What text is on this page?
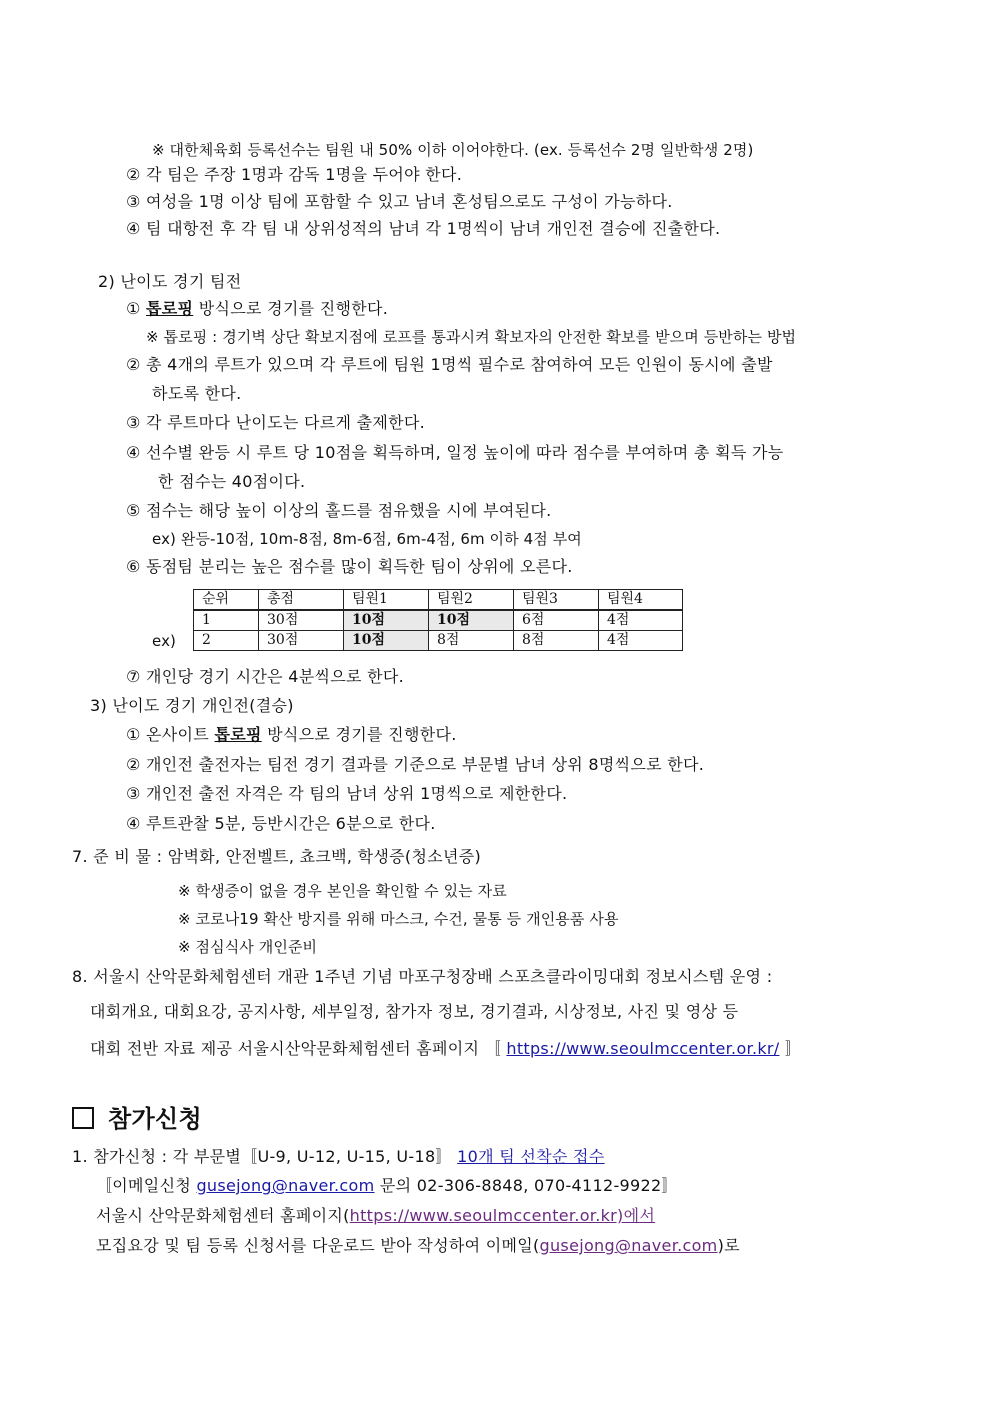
※ 대한체육회 등록선수는 팀원 내 50% 이하 이어야한다. (ex. 등록선수 2명 일반학생 2명)
② 각 팀은 주장 1명과 감독 1명을 두어야 한다.
③ 여성을 1명 이상 팀에 포함할 수 있고 남녀 혼성팀으로도 구성이 가능하다.
④ 팀 대항전 후 각 팀 내 상위성적의 남녀 각 1명씩이 남녀 개인전 결승에 진출한다.
2) 난이도 경기 팀전
① 톱로핑 방식으로 경기를 진행한다.
※ 톱로핑 : 경기벽 상단 확보지점에 로프를 통과시켜 확보자의 안전한 확보를 받으며 등반하는 방법
② 총 4개의 루트가 있으며 각 루트에 팀원 1명씩 필수로 참여하여 모든 인원이 동시에 출발
하도록 한다.
③ 각 루트마다 난이도는 다르게 출제한다.
④ 선수별 완등 시 루트 당 10점을 획득하며, 일정 높이에 따라 점수를 부여하며 총 획득 가능
한 점수는 40점이다.
⑤ 점수는 해당 높이 이상의 홀드를 점유했을 시에 부여된다.
ex) 완등-10점, 10m-8점, 8m-6점, 6m-4점, 6m 이하 4점 부여
⑥ 동점팀 분리는 높은 점수를 많이 획득한 팀이 상위에 오른다.
ex)
순위	총점	팀원1	팀원2	팀원3	팀원4
1	30점	10점	10점	6점	4점
2	30점	10점	8점	8점	4점
⑦ 개인당 경기 시간은 4분씩으로 한다.
3) 난이도 경기 개인전(결승)
① 온사이트 톱로핑 방식으로 경기를 진행한다.
② 개인전 출전자는 팀전 경기 결과를 기준으로 부문별 남녀 상위 8명씩으로 한다.
③ 개인전 출전 자격은 각 팀의 남녀 상위 1명씩으로 제한한다.
④ 루트관찰 5분, 등반시간은 6분으로 한다.
7. 준 비 물 : 암벽화, 안전벨트, 쵸크백, 학생증(청소년증)
※ 학생증이 없을 경우 본인을 확인할 수 있는 자료
※ 코로나19 확산 방지를 위해 마스크, 수건, 물통 등 개인용품 사용
※ 점심식사 개인준비
8. 서울시 산악문화체험센터 개관 1주년 기념 마포구청장배 스포츠클라이밍대회 정보시스템 운영 :
대회개요, 대회요강, 공지사항, 세부일정, 참가자 정보, 경기결과, 시상정보, 사진 및 영상 등
대회 전반 자료 제공 서울시산악문화체험센터 홈페이지 〚 https://www.seoulmccenter.or.kr/ 〛
참가신청
1. 참가신청 : 각 부문별〚U-9, U-12, U-15, U-18〛 10개 팀 선착순 접수
〚이메일신청 gusejong@naver.com 문의 02-306-8848, 070-4112-9922〛
서울시 산악문화체험센터 홈페이지(https://www.seoulmccenter.or.kr)에서
모집요강 및 팀 등록 신청서를 다운로드 받아 작성하여 이메일(gusejong@naver.com)로
